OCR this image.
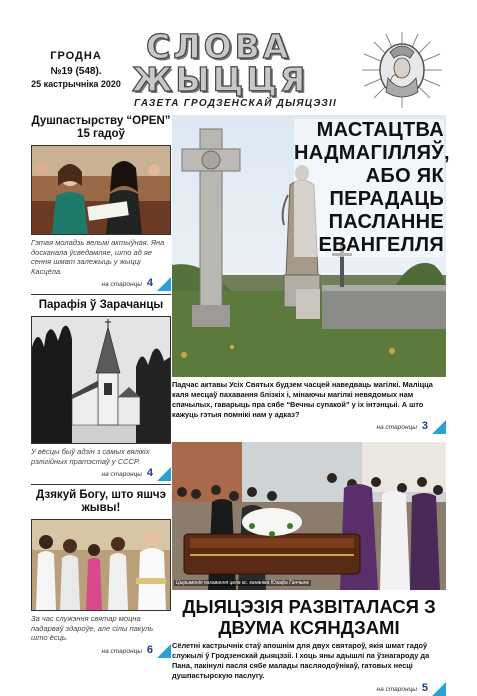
ГРОДНА
№19 (548).
25 кастрычніка 2020
СЛОВА
ЖЫЦЦЯ
ГАЗЕТА ГРОДЗЕНСКАЙ ДЫЯЦЭЗІІ
Душпастырству “OPEN” 15 гадоў
Гэтая моладзь вельмі актыўная. Яна досканала ўсведамляе, што ад яе сення шмат залежыць у жыцці Касцёла.
на старонцы 4
Парафія ў Зарачанцы
У вёсцы быў адзін з самых вялікіх рэлігійных пратэстаў у СССР.
на старонцы 4
Дзякуй Богу, што яшчэ жывы!
За час служэння святар моцна падарваў здароўе, але сілы пакуль што ёсць.
на старонцы 6
МАСТАЦТВА НАДМАГІЛЛЯЎ, АБО ЯК ПЕРАДАЦЬ ПАСЛАННЕ ЕВАНГЕЛЛЯ
Падчас актавы Усіх Святых будзем часцей наведваць магілкі. Маліцца каля месцаў пахавання блізкіх і, мінаючы магілкі невядомых нам спачылых, гаварыць пра сябе “Вечны супакой” у іх інтэнцыі. А што кажуць гэтыя помнікі нам у адказ?
на старонцы 3
Цырымонія пахавання цела кс. кананіка Юзафа Ганчыка
ДЫЯЦЭЗІЯ РАЗВІТАЛАСЯ З ДВУМА КСЯНДЗАМІ
Сёлетні кастрычнік стаў апошнім для двух святароў, якія шмат гадоў служылі ў Гродзенскай дыяцэзіі. І хоць яны адышлі па ўзнагароду да Пана, пакінулі пасля сябе малады пасляодоўнікаў, гатовых несці душпастырскую паслугу.
на старонцы 5
